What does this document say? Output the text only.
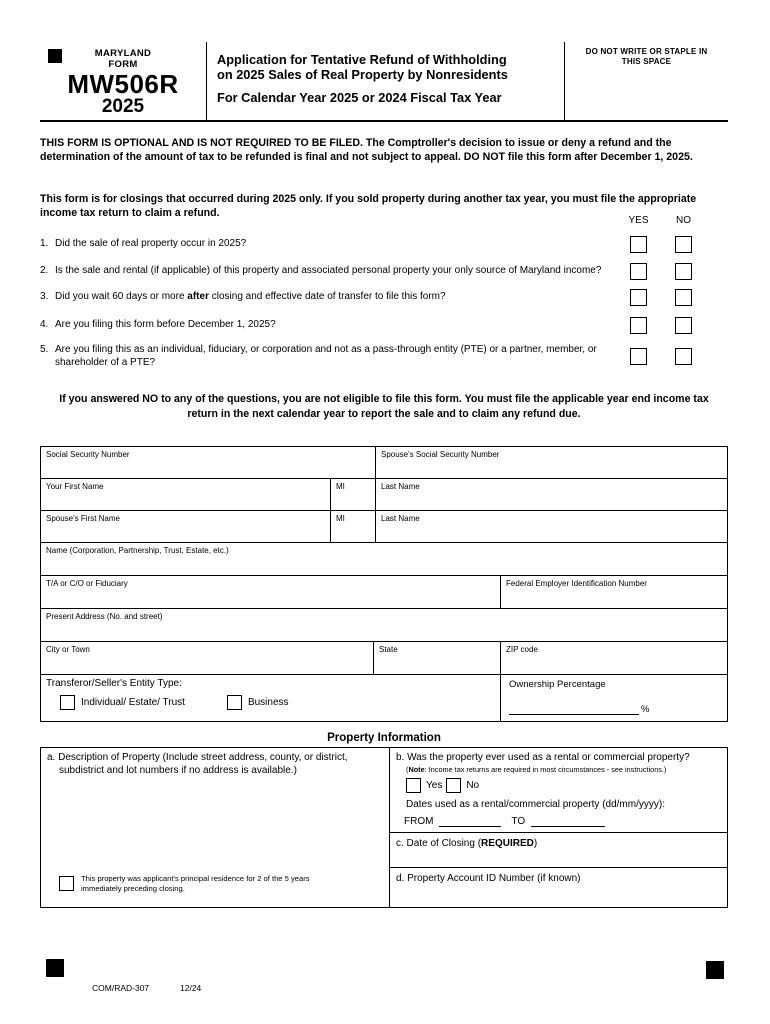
MARYLAND
FORM
MW506R
2025
Application for Tentative Refund of Withholding
on 2025 Sales of Real Property by Nonresidents
For Calendar Year 2025 or 2024 Fiscal Tax Year
DO NOT WRITE OR STAPLE IN THIS SPACE
THIS FORM IS OPTIONAL AND IS NOT REQUIRED TO BE FILED. The Comptroller's decision to issue or deny a refund and the determination of the amount of tax to be refunded is final and not subject to appeal. DO NOT file this form after December 1, 2025.
This form is for closings that occurred during 2025 only. If you sold property during another tax year, you must file the appropriate income tax return to claim a refund.
YES	NO
1. Did the sale of real property occur in 2025?
2. Is the sale and rental (if applicable) of this property and associated personal property your only source of Maryland income?
3. Did you wait 60 days or more after closing and effective date of transfer to file this form?
4. Are you filing this form before December 1, 2025?
5. Are you filing this as an individual, fiduciary, or corporation and not as a pass-through entity (PTE) or a partner, member, or shareholder of a PTE?
If you answered NO to any of the questions, you are not eligible to file this form. You must file the applicable year end income tax return in the next calendar year to report the sale and to claim any refund due.
Social Security Number	Spouse's Social Security Number
Your First Name	MI	Last Name
Spouse's First Name	MI	Last Name
Name (Corporation, Partnership, Trust, Estate, etc.)
T/A or C/O or Fiduciary	Federal Employer Identification Number
Present Address (No. and street)
City or Town	State	ZIP code
Transferor/Seller's Entity Type:
Individual/ Estate/ Trust	Business
Ownership Percentage
%
Property Information
a. Description of Property (Include street address, county, or district, subdistrict and lot numbers if no address is available.)
This property was applicant's principal residence for 2 of the 5 years immediately preceding closing.
b. Was the property ever used as a rental or commercial property?
(Note: Income tax returns are required in most circumstances - see instructions.)
Yes No
Dates used as a rental/commercial property (dd/mm/yyyy):
FROM	TO
c. Date of Closing (REQUIRED)
d. Property Account ID Number (if known)
COM/RAD-307	12/24
